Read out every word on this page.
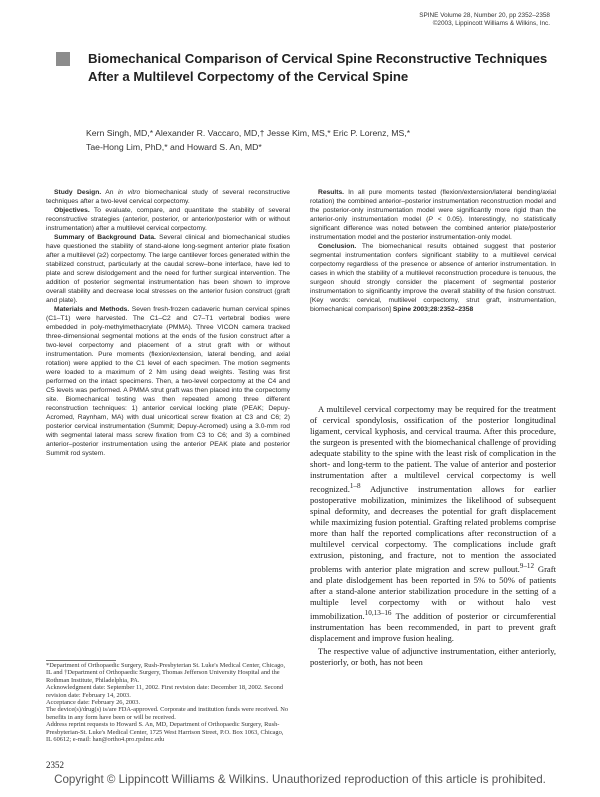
SPINE Volume 28, Number 20, pp 2352–2358
©2003, Lippincott Williams & Wilkins, Inc.
Biomechanical Comparison of Cervical Spine Reconstructive Techniques After a Multilevel Corpectomy of the Cervical Spine
Kern Singh, MD,* Alexander R. Vaccaro, MD,† Jesse Kim, MS,* Eric P. Lorenz, MS,*
Tae-Hong Lim, PhD,* and Howard S. An, MD*

Study Design. An in vitro biomechanical study of several reconstructive techniques after a two-level cervical corpectomy.

Objectives. To evaluate, compare, and quantitate the stability of several reconstructive strategies (anterior, posterior, or anterior/posterior with or without instrumentation) after a multilevel cervical corpectomy.

Summary of Background Data. Several clinical and biomechanical studies have questioned the stability of stand-alone long-segment anterior plate fixation after a multilevel (≥2) corpectomy. The large cantilever forces generated within the stabilized construct, particularly at the caudal screw–bone interface, have led to plate and screw dislodgement and the need for further surgical intervention. The addition of posterior segmental instrumentation has been shown to improve overall stability and decrease local stresses on the anterior fusion construct (graft and plate).

Materials and Methods. Seven fresh-frozen cadaveric human cervical spines (C1–T1) were harvested. The C1–C2 and C7–T1 vertebral bodies were embedded in poly-methylmethacrylate (PMMA). Three VICON camera tracked three-dimensional segmental motions at the ends of the fusion construct after a two-level corpectomy and placement of a strut graft with or without instrumentation. Pure moments (flexion/extension, lateral bending, and axial rotation) were applied to the C1 level of each specimen. The motion segments were loaded to a maximum of 2 Nm using dead weights. Testing was first performed on the intact specimens. Then, a two-level corpectomy at the C4 and C5 levels was performed. A PMMA strut graft was then placed into the corpectomy site. Biomechanical testing was then repeated among three different reconstruction techniques: 1) anterior cervical locking plate (PEAK; Depuy-Acromed, Raynham, MA) with dual unicortical screw fixation at C3 and C6; 2) posterior cervical instrumentation (Summit; Depuy-Acromed) using a 3.0-mm rod with segmental lateral mass screw fixation from C3 to C6; and 3) a combined anterior–posterior instrumentation using the anterior PEAK plate and posterior Summit rod system.

Results. In all pure moments tested (flexion/extension/lateral bending/axial rotation) the combined anterior–posterior instrumentation reconstruction model and the posterior-only instrumentation model were significantly more rigid than the anterior-only instrumentation model (P < 0.05). Interestingly, no statistically significant difference was noted between the combined anterior plate/posterior instrumentation model and the posterior instrumentation-only model.

Conclusion. The biomechanical results obtained suggest that posterior segmental instrumentation confers significant stability to a multilevel cervical corpectomy regardless of the presence or absence of anterior instrumentation. In cases in which the stability of a multilevel reconstruction procedure is tenuous, the surgeon should strongly consider the placement of segmental posterior instrumentation to significantly improve the overall stability of the fusion construct. [Key words: cervical, multilevel corpectomy, strut graft, instrumentation, biomechanical comparison] Spine 2003;28:2352–2358

A multilevel cervical corpectomy may be required for the treatment of cervical spondylosis, ossification of the posterior longitudinal ligament, cervical kyphosis, and cervical trauma. After this procedure, the surgeon is presented with the biomechanical challenge of providing adequate stability to the spine with the least risk of complication in the short- and long-term to the patient. The value of anterior and posterior instrumentation after a multilevel cervical corpectomy is well recognized.$^{1-8}$ Adjunctive instrumentation allows for earlier postoperative mobilization, minimizes the likelihood of subsequent spinal deformity, and decreases the potential for graft displacement while maximizing fusion potential. Grafting related problems comprise more than half the reported complications after reconstruction of a multilevel cervical corpectomy. The complications include graft extrusion, pistoning, and fracture, not to mention the associated problems with anterior plate migration and screw pullout.$^{9-12}$ Graft and plate dislodgement has been reported in 5% to 50% of patients after a stand-alone anterior stabilization procedure in the setting of a multiple level corpectomy with or without halo vest immobilization.$^{10,13-16}$ The addition of posterior or circumferential instrumentation has been recommended, in part to prevent graft displacement and improve fusion healing.

The respective value of adjunctive instrumentation, either anteriorly, posteriorly, or both, has not been

*Department of Orthopaedic Surgery, Rush-Presbyterian St. Luke's Medical Center, Chicago, IL and †Department of Orthopaedic Surgery, Thomas Jefferson University Hospital and the Rothman Institute, Philadelphia, PA.

Acknowledgment date: September 11, 2002. First revision date: December 18, 2002. Second revision date: February 14, 2003.

Acceptance date: February 26, 2003.

The device(s)/drug(s) is/are FDA-approved. Corporate and institution funds were received. No benefits in any form have been or will be received.

Address reprint requests to Howard S. An, MD, Department of Orthopaedic Surgery, Rush-Presbyterian-St. Luke's Medical Center, 1725 West Harrison Street, P.O. Box 1063, Chicago, IL 60612; e-mail: han@ortho4.pro.rpslmc.edu

2352
Copyright © Lippincott Williams & Wilkins. Unauthorized reproduction of this article is prohibited.
